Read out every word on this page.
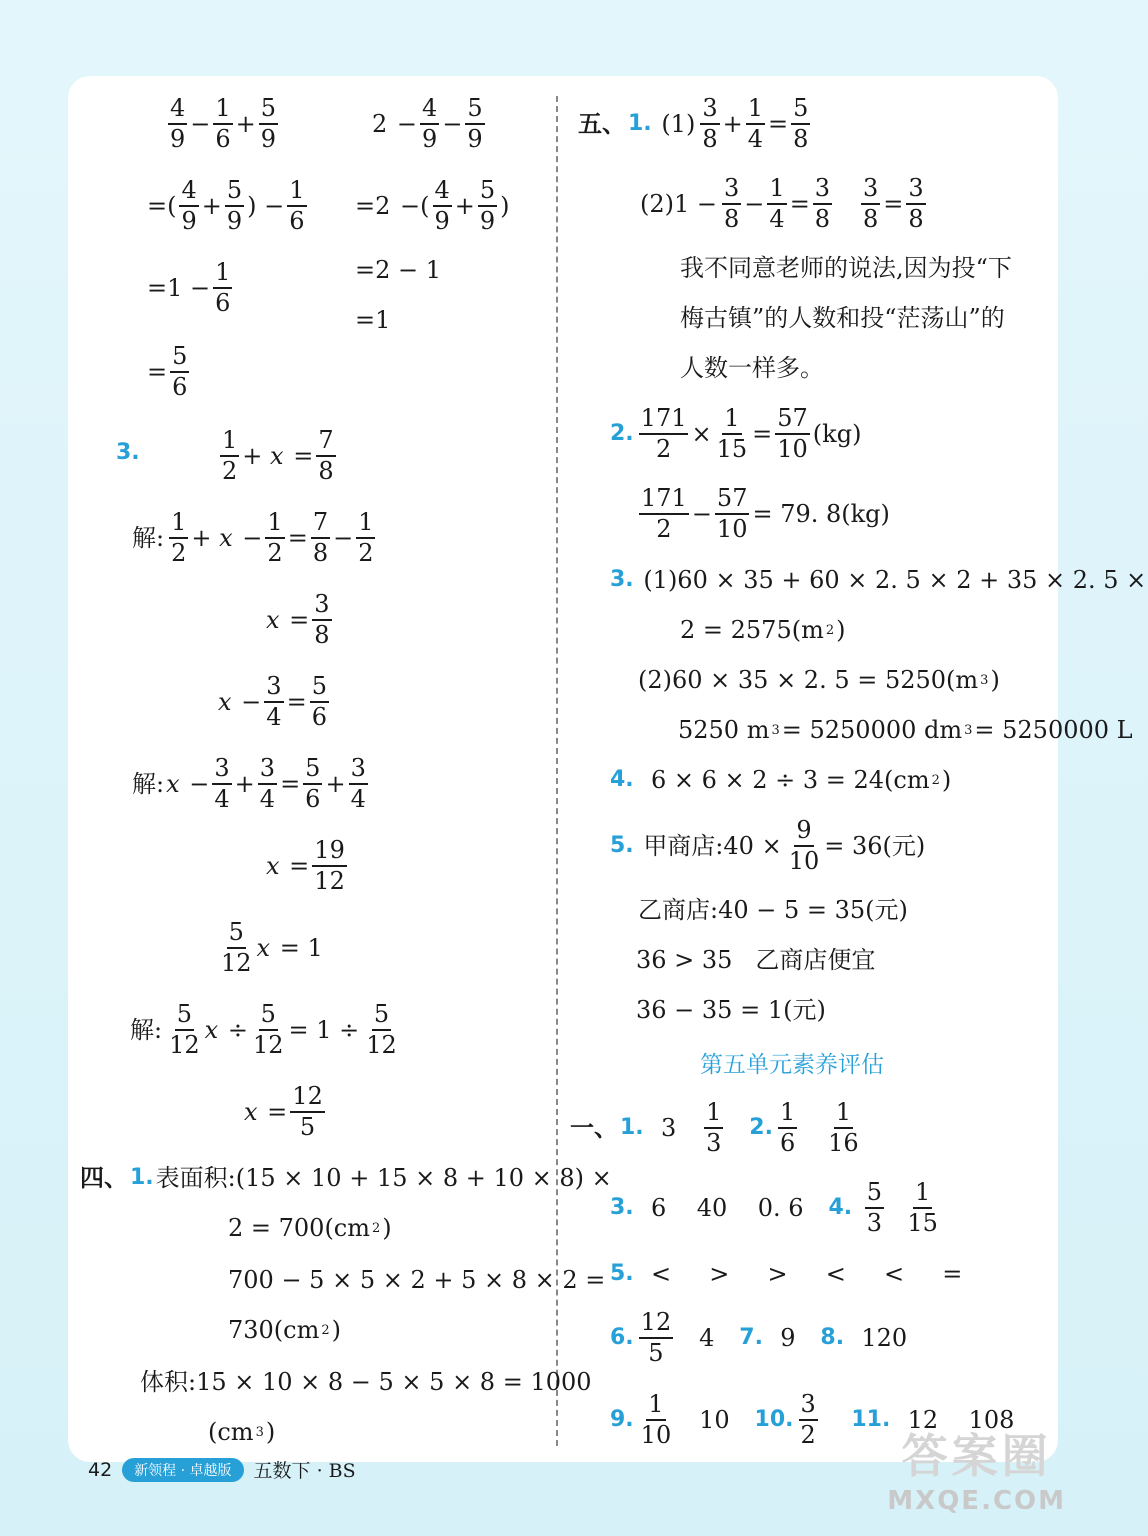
$\frac{4}{9} - \frac{1}{6} + \frac{5}{9}$	$2 - \frac{4}{9} - \frac{5}{9}$
=( $\frac{4}{9} + \frac{5}{9}$ ) − $\frac{1}{6} = 2$ −( $\frac{4}{9} + \frac{5}{9}$ )
$=1 - \frac{1}{6}$	=2 − 1
=1
= $\frac{5}{6}$
3.	$\frac{1}{2} + x = \frac{7}{8}$
解: $\frac{1}{2} + x - \frac{1}{2} = \frac{7}{8} - \frac{1}{2}$
$x = \frac{3}{8}$
$x - \frac{3}{4} = \frac{5}{6}$
解: $x - \frac{3}{4} + \frac{3}{4} = \frac{5}{6} + \frac{3}{4}$
$x = \frac{19}{12}$
$\frac{5}{12}$ x
= 1
解: $\frac{5}{12}$ $x \div \frac{5}{12} = 1 \div \frac{5}{12}$
$x = \frac{12}{5}$
四、 1. 表面积:(15 × 10 + 15 × 8 + 10 × 8) ×
2 = 700(cm 2 )
700 − 5 × 5 × 2 + 5 × 8 × 2 =
730(cm 2 )
体积:15 × 10 × 8 − 5 × 5 × 8 = 1000
(cm 3 )
五、 1.
$(1) \frac{3}{8} + \frac{1}{4} = \frac{5}{8}$
$(2)1 - \frac{3}{8} - \frac{1}{4} = \frac{3}{8}$
$\frac{3}{8} = \frac{3}{8}$
我不同意老师的说法,因为投“下
梅古镇”的人数和投“茫荡山”的
人数一样多。
2. $\frac{171}{2} \times \frac{1}{15} = \frac{57}{10} (kg)$
$\frac{171}{2} - \frac{57}{10} = 79$. 8(kg)
3.
(1)60 × 35 + 60 × 2. 5 × 2 + 35 × 2. 5 ×
2 = 2575(m 2 )
(2)60 × 35 × 2. 5 = 5250(m 3 )
5250 m 3 = 5250000 dm 3 = 5250000 L
4.
6 × 6 × 2 ÷ 3 = 24(cm 2 )
5.
甲商店:40 × $\frac{9}{10} = 36$(元)
乙商店:40 − 5 = 35(元)
36 > 35   乙商店便宜
36 − 35 = 1(元)
第五单元素养评估
一、 1.
3
$\frac{1}{3}$
2. $\frac{1}{6}$
$\frac{1}{16}$
3.
6    40    0. 6
4.
$\frac{5}{3}$
$\frac{1}{15}$
5.
<     >     >     <     <     =
6. $\frac{12}{5}$
4
7.
9
8.
120
9. $\frac{1}{10}$
10
10. $\frac{3}{2}$
11.
12    108
42	新领程 · 卓越版	五数下 · BS	答案圈
MXQE.COM
